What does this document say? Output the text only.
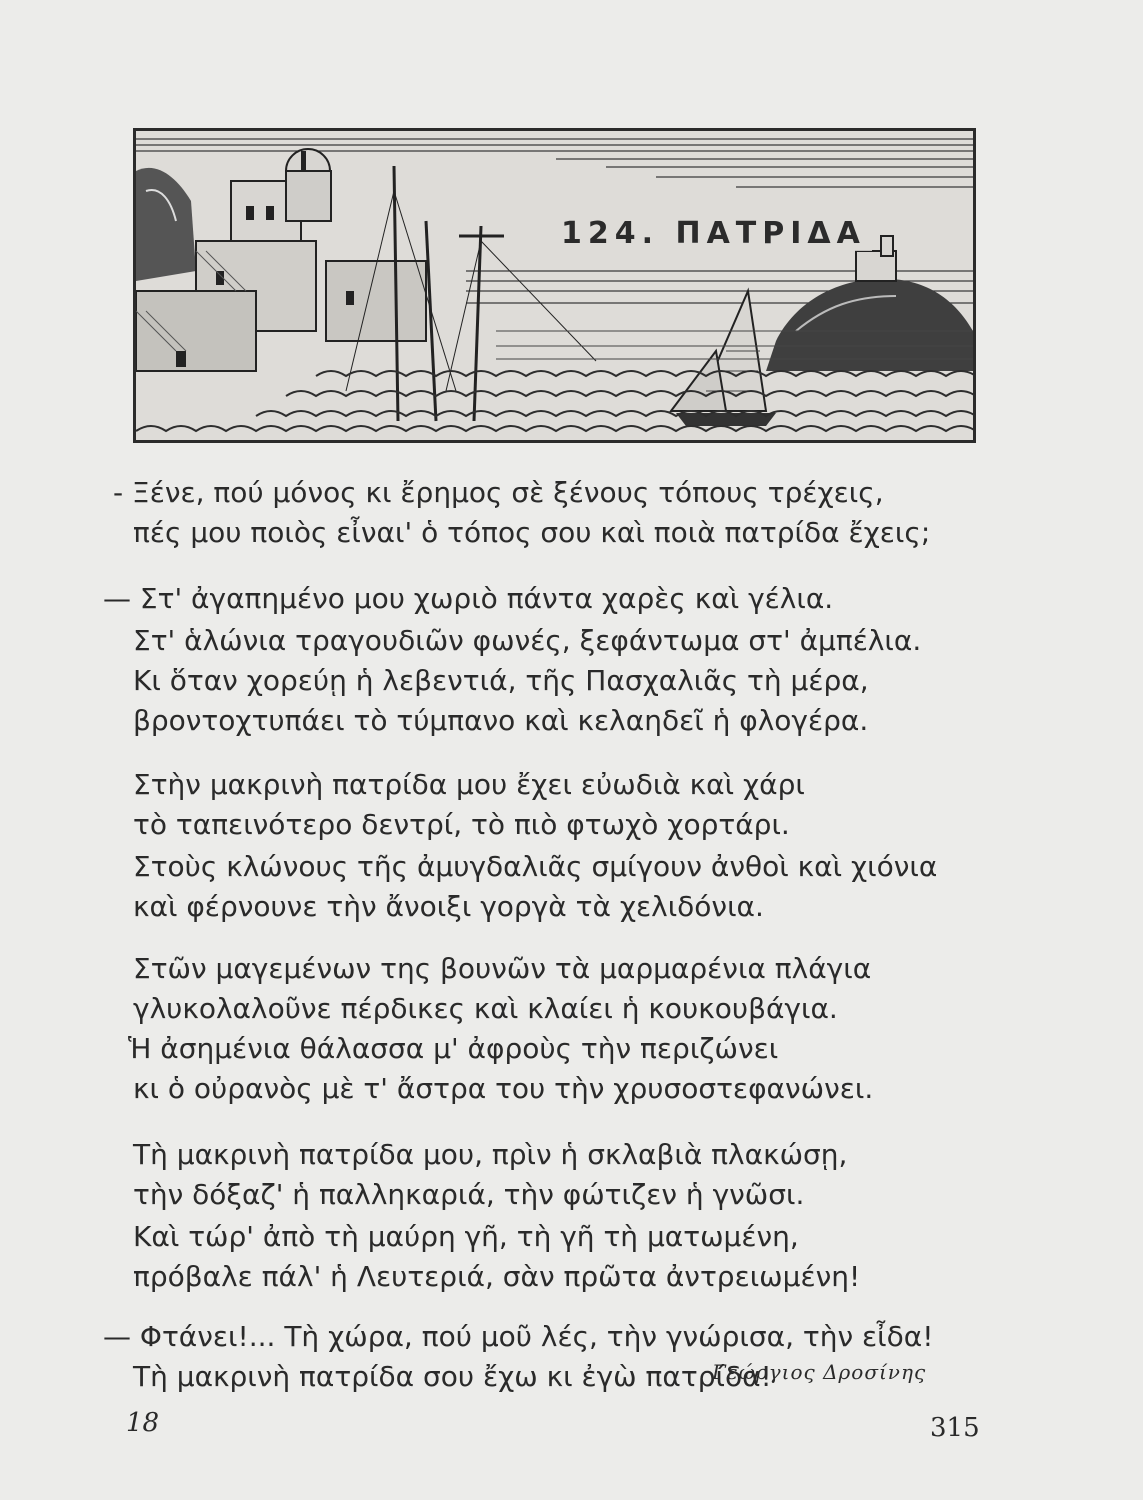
124. ΠΑΤΡΙΔΑ
- Ξένε, πού μόνος κι ἔρημος σὲ ξένους τόπους τρέχεις,
πές μου ποιὸς εἶναι' ὁ τόπος σου καὶ ποιὰ πατρίδα ἔχεις;
— Στ' ἀγαπημένο μου χωριὸ πάντα χαρὲς καὶ γέλια.
Στ' ἁλώνια τραγουδιῶν φωνές, ξεφάντωμα στ' ἀμπέλια.
Κι ὅταν χορεύῃ ἡ λεβεντιά, τῆς Πασχαλιᾶς τὴ μέρα,
βροντοχτυπάει τὸ τύμπανο καὶ κελαηδεῖ ἡ φλογέρα.
Στὴν μακρινὴ πατρίδα μου ἔχει εὐωδιὰ καὶ χάρι
τὸ ταπεινότερο δεντρί, τὸ πιὸ φτωχὸ χορτάρι.
Στοὺς κλώνους τῆς ἀμυγδαλιᾶς σμίγουν ἀνθοὶ καὶ χιόνια
καὶ φέρνουνε τὴν ἄνοιξι γοργὰ τὰ χελιδόνια.
Στῶν μαγεμένων της βουνῶν τὰ μαρμαρένια πλάγια
γλυκολαλοῦνε πέρδικες καὶ κλαίει ἡ κουκουβάγια.
Ἡ ἀσημένια θάλασσα μ' ἀφροὺς τὴν περιζώνει
κι ὁ οὐρανὸς μὲ τ' ἄστρα του τὴν χρυσοστεφανώνει.
Τὴ μακρινὴ πατρίδα μου, πρὶν ἡ σκλαβιὰ πλακώσῃ,
τὴν δόξαζ' ἡ παλληκαριά, τὴν φώτιζεν ἡ γνῶσι.
Καὶ τώρ' ἀπὸ τὴ μαύρη γῆ, τὴ γῆ τὴ ματωμένη,
πρόβαλε πάλ' ἡ Λευτεριά, σὰν πρῶτα ἀντρειωμένη!
— Φτάνει!... Τὴ χώρα, πού μοῦ λές, τὴν γνώρισα, τὴν εἶδα!
Τὴ μακρινὴ πατρίδα σου ἔχω κι ἐγὼ πατρίδα!
Γεώργιος Δροσίνης
18	315
